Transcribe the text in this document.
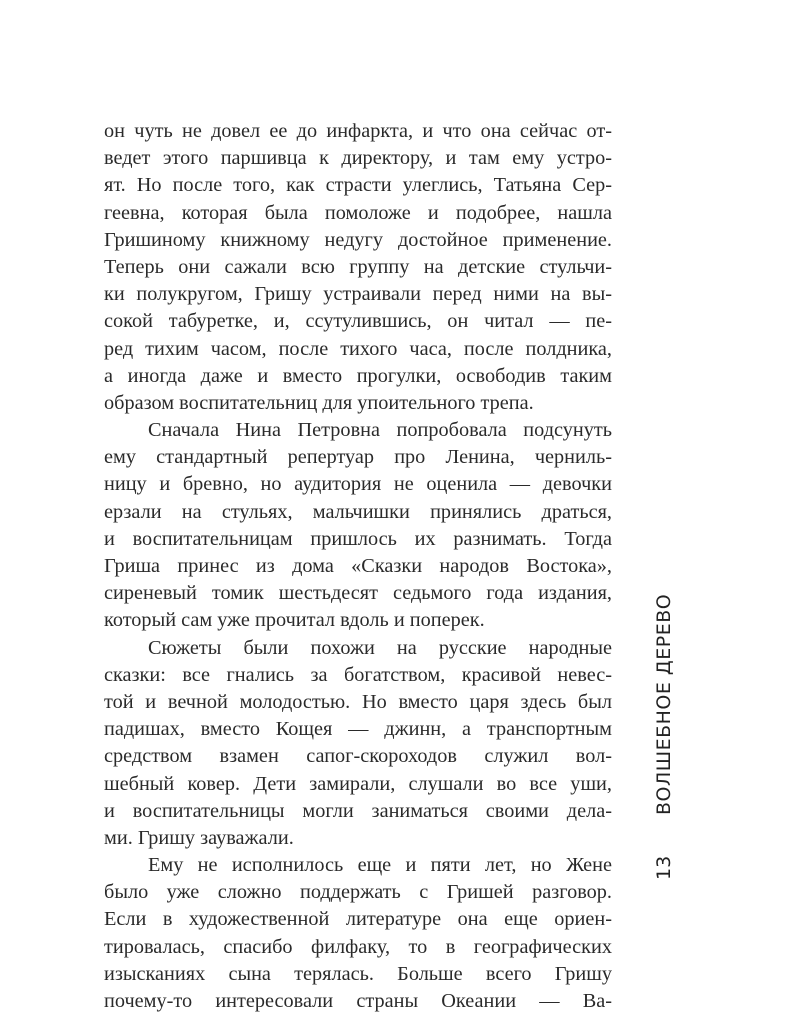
он чуть не довел ее до инфаркта, и что она сейчас от-
ведет этого паршивца к директору, и там ему устро-
ят. Но после того, как страсти улеглись, Татьяна Сер-
геевна, которая была помоложе и подобрее, нашла
Гришиному книжному недугу достойное применение.
Теперь они сажали всю группу на детские стульчи-
ки полукругом, Гришу устраивали перед ними на вы-
сокой табуретке, и, ссутулившись, он читал — пе-
ред тихим часом, после тихого часа, после полдника,
а иногда даже и вместо прогулки, освободив таким
образом воспитательниц для упоительного трепа.
Сначала Нина Петровна попробовала подсунуть
ему стандартный репертуар про Ленина, черниль-
ницу и бревно, но аудитория не оценила — девочки
ерзали на стульях, мальчишки принялись драться,
и воспитательницам пришлось их разнимать. Тогда
Гриша принес из дома «Сказки народов Востока»,
сиреневый томик шестьдесят седьмого года издания,
который сам уже прочитал вдоль и поперек.
Сюжеты были похожи на русские народные
сказки: все гнались за богатством, красивой невес-
той и вечной молодостью. Но вместо царя здесь был
падишах, вместо Кощея — джинн, а транспортным
средством взамен сапог-скороходов служил вол-
шебный ковер. Дети замирали, слушали во все уши,
и воспитательницы могли заниматься своими дела-
ми. Гришу зауважали.
Ему не исполнилось еще и пяти лет, но Жене
было уже сложно поддержать с Гришей разговор.
Если в художественной литературе она еще ориен-
тировалась, спасибо филфаку, то в географических
изысканиях сына терялась. Больше всего Гришу
почему-то интересовали страны Океании — Ва-
ВОЛШЕБНОЕ ДЕРЕВО
13
